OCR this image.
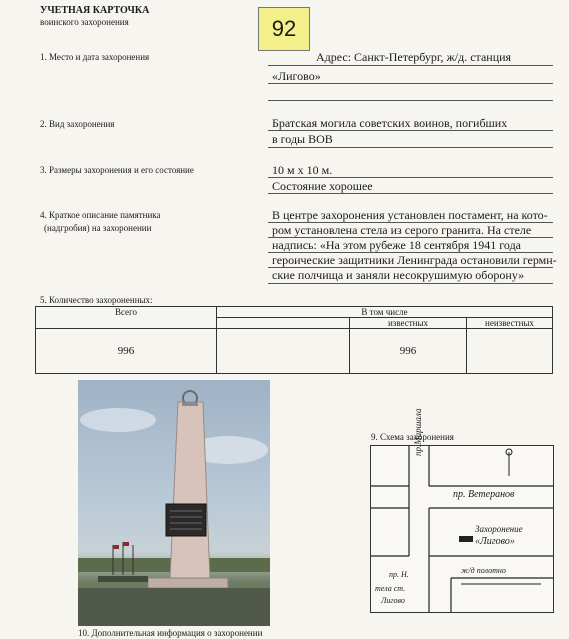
УЧЕТНАЯ КАРТОЧКА
воинского захоронения	92
1. Место и дата захоронения	Адрес: Санкт-Петербург, ж/д. станция
«Лигово»
2. Вид захоронения	Братская могила советских воинов, погибших
в годы ВОВ
3. Размеры захоронения и его состояние	10 м х 10 м.
Состояние хорошее
4. Краткое описание памятника
(надгробия) на захоронении
В центре захоронения установлен постамент, на кото-
ром установлена стела из серого гранита. На стеле
надпись: «На этом рубеже 18 сентября 1941 года
героические защитники Ленинграда остановили гермн-
ские полчища и заняли несокрушимую оборону»
5. Количество захороненных:
Всего	В том числе		
		известных	неизвестных
996		996	
10. Дополнительная информация о захоронении
9. Схема захоронения
пр.Маршала
пр. Ветеранов
Захоронение
«Лигово»
пр. Н.
тела ст.
Лигово
ж/д полотно
